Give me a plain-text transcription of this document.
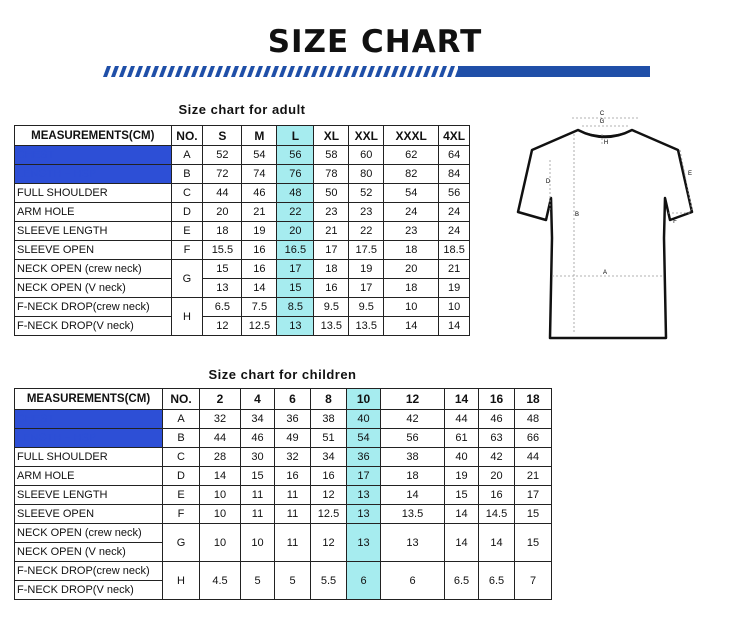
SIZE CHART
Size chart for adult
MEASUREMENTS(CM)	NO.	S	M	L	XL	XXL	XXXL	4XL
CHEST	A	52	54	56	58	60	62	64
LENGTH – HSP	B	72	74	76	78	80	82	84
FULL SHOULDER	C	44	46	48	50	52	54	56
ARM HOLE	D	20	21	22	23	23	24	24
SLEEVE LENGTH	E	18	19	20	21	22	23	24
SLEEVE OPEN	F	15.5	16	16.5	17	17.5	18	18.5
NECK OPEN (crew neck)	G	15	16	17	18	19	20	21
NECK OPEN (V neck)		13	14	15	16	17	18	19
F-NECK DROP(crew neck)	H	6.5	7.5	8.5	9.5	9.5	10	10
F-NECK DROP(V neck)		12	12.5	13	13.5	13.5	14	14
Size chart for children
MEASUREMENTS(CM)	NO.	2	4	6	8	10	12	14	16	18
CHEST	A	32	34	36	38	40	42	44	46	48
LENGTH – HSP	B	44	46	49	51	54	56	61	63	66
FULL SHOULDER	C	28	30	32	34	36	38	40	42	44
ARM HOLE	D	14	15	16	16	17	18	19	20	21
SLEEVE LENGTH	E	10	11	11	12	13	14	15	16	17
SLEEVE OPEN	F	10	11	11	12.5	13	13.5	14	14.5	15
NECK OPEN (crew neck)	G	10	10	11	12	13	13	14	14	15
NECK OPEN (V neck)										
F-NECK DROP(crew neck)	H	4.5	5	5	5.5	6	6	6.5	6.5	7
F-NECK DROP(V neck)										
C
G
H
D
E
B
F
A
